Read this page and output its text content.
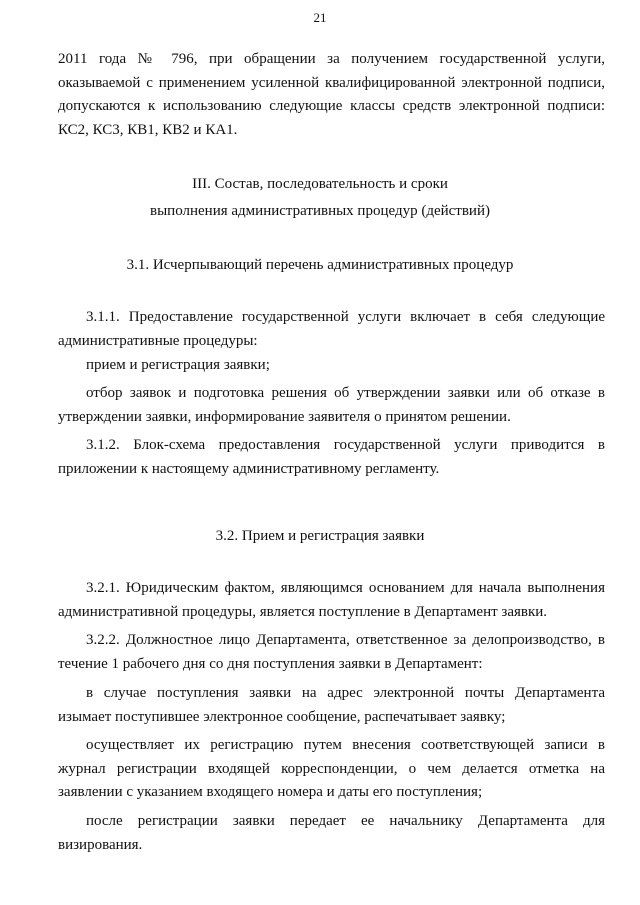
21

2011 года № 796, при обращении за получением государственной услуги, оказываемой с применением усиленной квалифицированной электронной подписи, допускаются к использованию следующие классы средств электронной подписи: КС2, КС3, КВ1, КВ2 и КА1.

III. Состав, последовательность и сроки
выполнения административных процедур (действий)
3.1. Исчерпывающий перечень административных процедур

3.1.1. Предоставление государственной услуги включает в себя следующие административные процедуры:

прием и регистрация заявки;

отбор заявок и подготовка решения об утверждении заявки или об отказе в утверждении заявки, информирование заявителя о принятом решении.

3.1.2. Блок-схема предоставления государственной услуги приводится в приложении к настоящему административному регламенту.

3.2. Прием и регистрация заявки

3.2.1. Юридическим фактом, являющимся основанием для начала выполнения административной процедуры, является поступление в Департамент заявки.

3.2.2. Должностное лицо Департамента, ответственное за делопроизводство, в течение 1 рабочего дня со дня поступления заявки в Департамент:

в случае поступления заявки на адрес электронной почты Департамента изымает поступившее электронное сообщение, распечатывает заявку;

осуществляет их регистрацию путем внесения соответствующей записи в журнал регистрации входящей корреспонденции, о чем делается отметка на заявлении с указанием входящего номера и даты его поступления;

после регистрации заявки передает ее начальнику Департамента для визирования.
